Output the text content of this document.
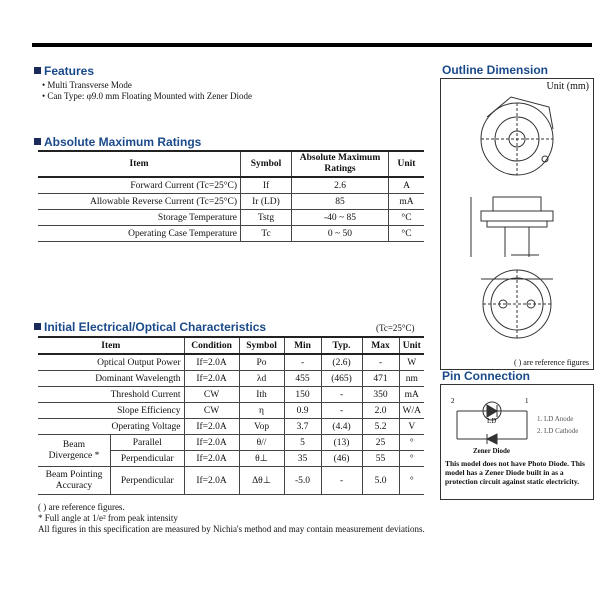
Features
• Multi Transverse Mode
• Can Type: φ9.0 mm Floating Mounted with Zener Diode
Absolute Maximum Ratings
Item	Symbol	Absolute Maximum Ratings	Unit
Forward Current (Tc=25°C)	If	2.6	A
Allowable Reverse Current (Tc=25°C)	Ir (LD)	85	mA
Storage Temperature	Tstg	-40 ~ 85	°C
Operating Case Temperature	Tc	0 ~ 50	°C
Initial Electrical/Optical Characteristics	(Tc=25°C)
Item		Condition	Symbol	Min	Typ.	Max	Unit
Optical Output Power		If=2.0A	Po	-	(2.6)	-	W
Dominant Wavelength		If=2.0A	λd	455	(465)	471	nm
Threshold Current		CW	Ith	150	-	350	mA
Slope Efficiency		CW	η	0.9	-	2.0	W/A
Operating Voltage		If=2.0A	Vop	3.7	(4.4)	5.2	V
Beam Divergence *	Parallel	If=2.0A	θ//	5	(13)	25	°
	Perpendicular	If=2.0A	θ⊥	35	(46)	55	°
Beam Pointing Accuracy	Perpendicular	If=2.0A	Δθ⊥	-5.0	-	5.0	°
( ) are reference figures.
* Full angle at 1/e² from peak intensity
All figures in this specification are measured by Nichia's method and may contain measurement deviations.
Outline Dimension
Unit (mm)
( ) are reference figures
Pin Connection
2	1
LD
Zener Diode
1. LD Anode
2. LD Cathode
This model does not have Photo Diode. This model has a Zener Diode built in as a protection circuit against static electricity.
